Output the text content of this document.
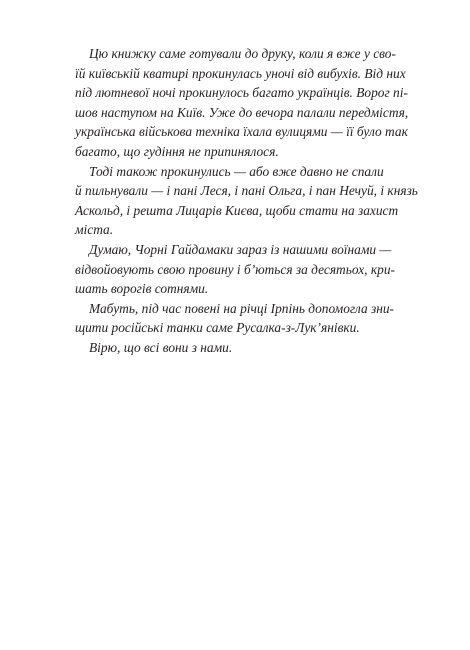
Цю книжку саме готували до друку, коли я вже у сво-
їй київській кватирі прокинулась уночі від вибухів. Від них
під лютневої ночі прокинулось багато українців. Ворог пі-
шов наступом на Київ. Уже до вечора палали передмістя,
українська військова техніка їхала вулицями — її було так
багато, що гудіння не припинялося.

Тоді також прокинулись — або вже давно не спали
й пильнували — і пані Леся, і пані Ольга, і пан Нечуй, і князь
Аскольд, і решта Лицарів Києва, щоби стати на захист
міста.

Думаю, Чорні Гайдамаки зараз із нашими воїнами —
відвойовують свою провину і б’ються за десятьох, кри-
шать ворогів сотнями.

Мабуть, під час повені на річці Ірпінь допомогла зни-
щити російські танки саме Русалка-з-Лук’янівки.

Вірю, що всі вони з нами.
